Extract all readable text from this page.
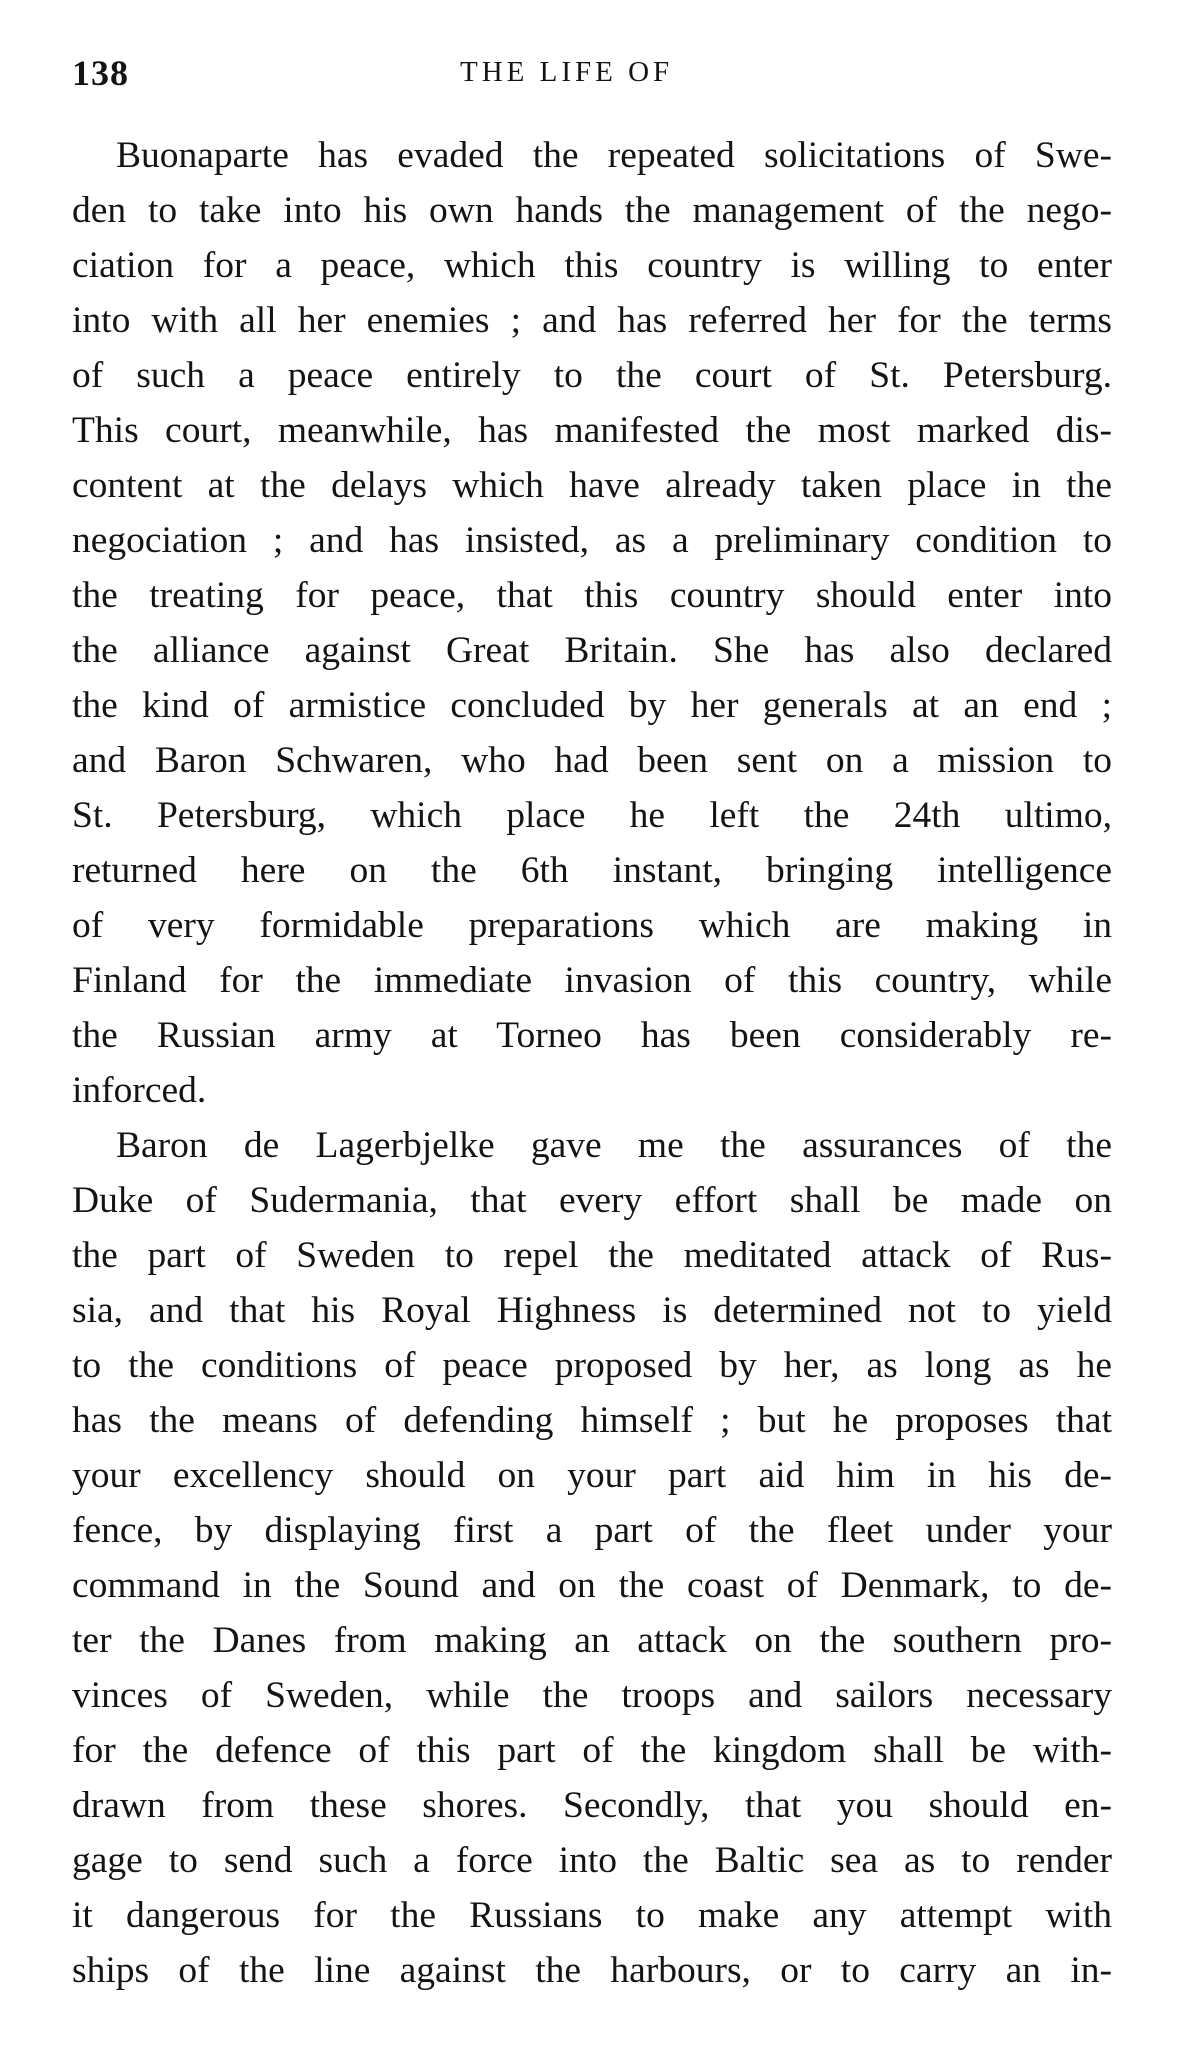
138	THE LIFE OF
Buonaparte has evaded the repeated solicitations of Swe-
den to take into his own hands the management of the nego-
ciation for a peace, which this country is willing to enter
into with all her enemies ; and has referred her for the terms
of such a peace entirely to the court of St. Petersburg.
This court, meanwhile, has manifested the most marked dis-
content at the delays which have already taken place in the
negociation ; and has insisted, as a preliminary condition to
the treating for peace, that this country should enter into
the alliance against Great Britain. She has also declared
the kind of armistice concluded by her generals at an end ;
and Baron Schwaren, who had been sent on a mission to
St. Petersburg, which place he left the 24th ultimo,
returned here on the 6th instant, bringing intelligence
of very formidable preparations which are making in
Finland for the immediate invasion of this country, while
the Russian army at Torneo has been considerably re-
inforced.
Baron de Lagerbjelke gave me the assurances of the
Duke of Sudermania, that every effort shall be made on
the part of Sweden to repel the meditated attack of Rus-
sia, and that his Royal Highness is determined not to yield
to the conditions of peace proposed by her, as long as he
has the means of defending himself ; but he proposes that
your excellency should on your part aid him in his de-
fence, by displaying first a part of the fleet under your
command in the Sound and on the coast of Denmark, to de-
ter the Danes from making an attack on the southern pro-
vinces of Sweden, while the troops and sailors necessary
for the defence of this part of the kingdom shall be with-
drawn from these shores. Secondly, that you should en-
gage to send such a force into the Baltic sea as to render
it dangerous for the Russians to make any attempt with
ships of the line against the harbours, or to carry an in-
